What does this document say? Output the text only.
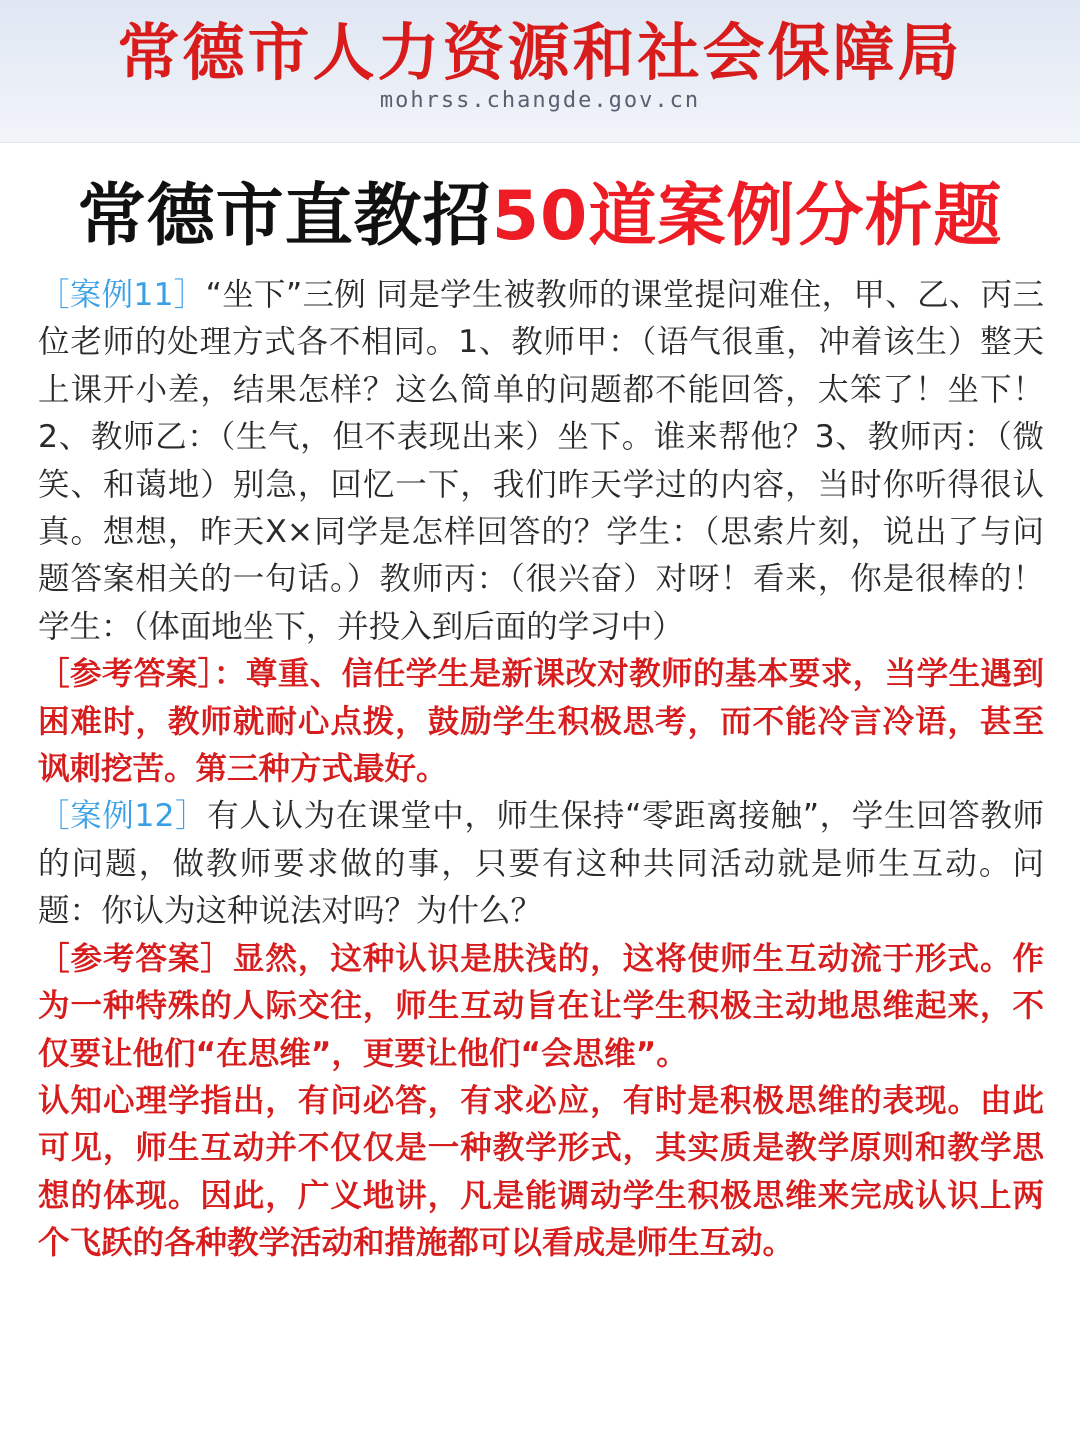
常德市人力资源和社会保障局
mohrss.changde.gov.cn
常德市直教招50道案例分析题

［案例11］“坐下”三例 同是学生被教师的课堂提问难住，甲、乙、丙三位老师的处理方式各不相同。1、教师甲：（语气很重，冲着该生）整天上课开小差，结果怎样？这么简单的问题都不能回答，太笨了！坐下！2、教师乙：（生气，但不表现出来）坐下。谁来帮他？3、教师丙：（微笑、和蔼地）别急，回忆一下，我们昨天学过的内容，当时你听得很认真。想想，昨天X×同学是怎样回答的？学生：（思索片刻，说出了与问题答案相关的一句话。）教师丙：（很兴奋）对呀！看来，你是很棒的！学生：（体面地坐下，并投入到后面的学习中）

［参考答案］：尊重、信任学生是新课改对教师的基本要求，当学生遇到困难时，教师就耐心点拨，鼓励学生积极思考，而不能冷言冷语，甚至讽刺挖苦。第三种方式最好。

［案例12］有人认为在课堂中，师生保持“零距离接触”，学生回答教师的问题，做教师要求做的事，只要有这种共同活动就是师生互动。问题：你认为这种说法对吗？为什么？

［参考答案］显然，这种认识是肤浅的，这将使师生互动流于形式。作为一种特殊的人际交往，师生互动旨在让学生积极主动地思维起来，不仅要让他们“在思维”，更要让他们“会思维”。

认知心理学指出，有问必答，有求必应，有时是积极思维的表现。由此可见，师生互动并不仅仅是一种教学形式，其实质是教学原则和教学思想的体现。因此，广义地讲，凡是能调动学生积极思维来完成认识上两个飞跃的各种教学活动和措施都可以看成是师生互动。
